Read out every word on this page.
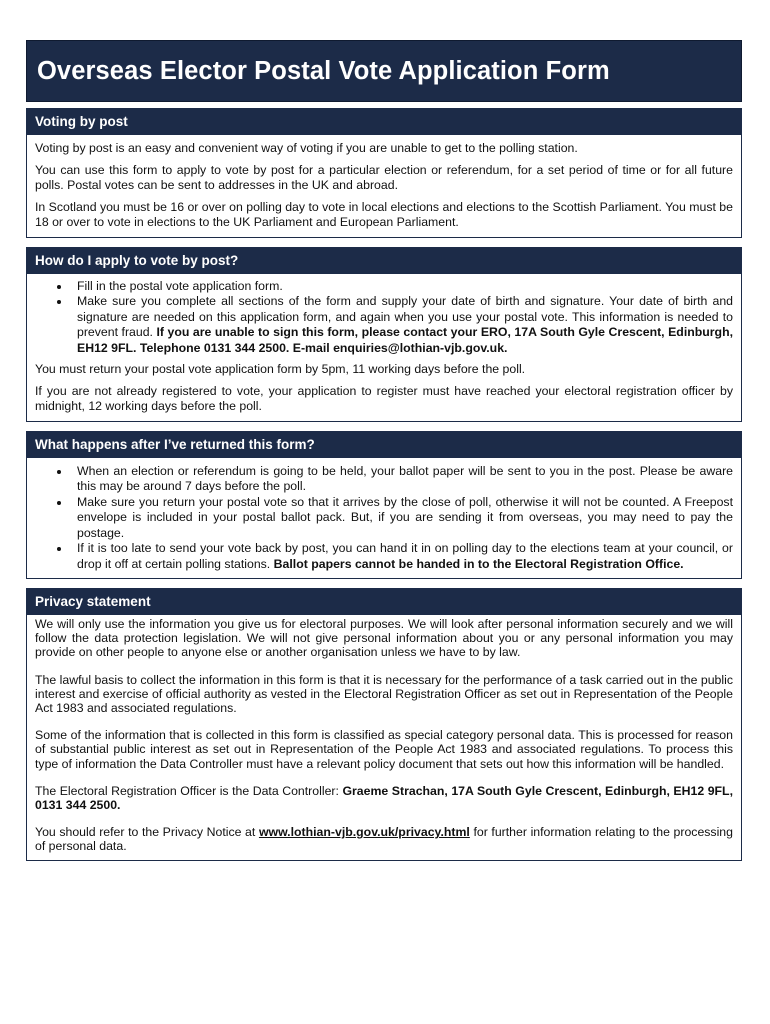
Overseas Elector Postal Vote Application Form
Voting by post

Voting by post is an easy and convenient way of voting if you are unable to get to the polling station.

You can use this form to apply to vote by post for a particular election or referendum, for a set period of time or for all future polls. Postal votes can be sent to addresses in the UK and abroad.

In Scotland you must be 16 or over on polling day to vote in local elections and elections to the Scottish Parliament. You must be 18 or over to vote in elections to the UK Parliament and European Parliament.

How do I apply to vote by post?
• Fill in the postal vote application form.
• Make sure you complete all sections of the form and supply your date of birth and signature. Your date of birth and signature are needed on this application form, and again when you use your postal vote. This information is needed to prevent fraud. If you are unable to sign this form, please contact your ERO, 17A South Gyle Crescent, Edinburgh, EH12 9FL. Telephone 0131 344 2500. E-mail enquiries@lothian-vjb.gov.uk.

You must return your postal vote application form by 5pm, 11 working days before the poll.

If you are not already registered to vote, your application to register must have reached your electoral registration officer by midnight, 12 working days before the poll.

What happens after I’ve returned this form?
• When an election or referendum is going to be held, your ballot paper will be sent to you in the post. Please be aware this may be around 7 days before the poll.
• Make sure you return your postal vote so that it arrives by the close of poll, otherwise it will not be counted. A Freepost envelope is included in your postal ballot pack. But, if you are sending it from overseas, you may need to pay the postage.
• If it is too late to send your vote back by post, you can hand it in on polling day to the elections team at your council, or drop it off at certain polling stations. Ballot papers cannot be handed in to the Electoral Registration Office.
Privacy statement

We will only use the information you give us for electoral purposes. We will look after personal information securely and we will follow the data protection legislation. We will not give personal information about you or any personal information you may provide on other people to anyone else or another organisation unless we have to by law.

The lawful basis to collect the information in this form is that it is necessary for the performance of a task carried out in the public interest and exercise of official authority as vested in the Electoral Registration Officer as set out in Representation of the People Act 1983 and associated regulations.

Some of the information that is collected in this form is classified as special category personal data. This is processed for reason of substantial public interest as set out in Representation of the People Act 1983 and associated regulations. To process this type of information the Data Controller must have a relevant policy document that sets out how this information will be handled.

The Electoral Registration Officer is the Data Controller: Graeme Strachan, 17A South Gyle Crescent, Edinburgh, EH12 9FL, 0131 344 2500.

You should refer to the Privacy Notice at www.lothian-vjb.gov.uk/privacy.html for further information relating to the processing of personal data.
